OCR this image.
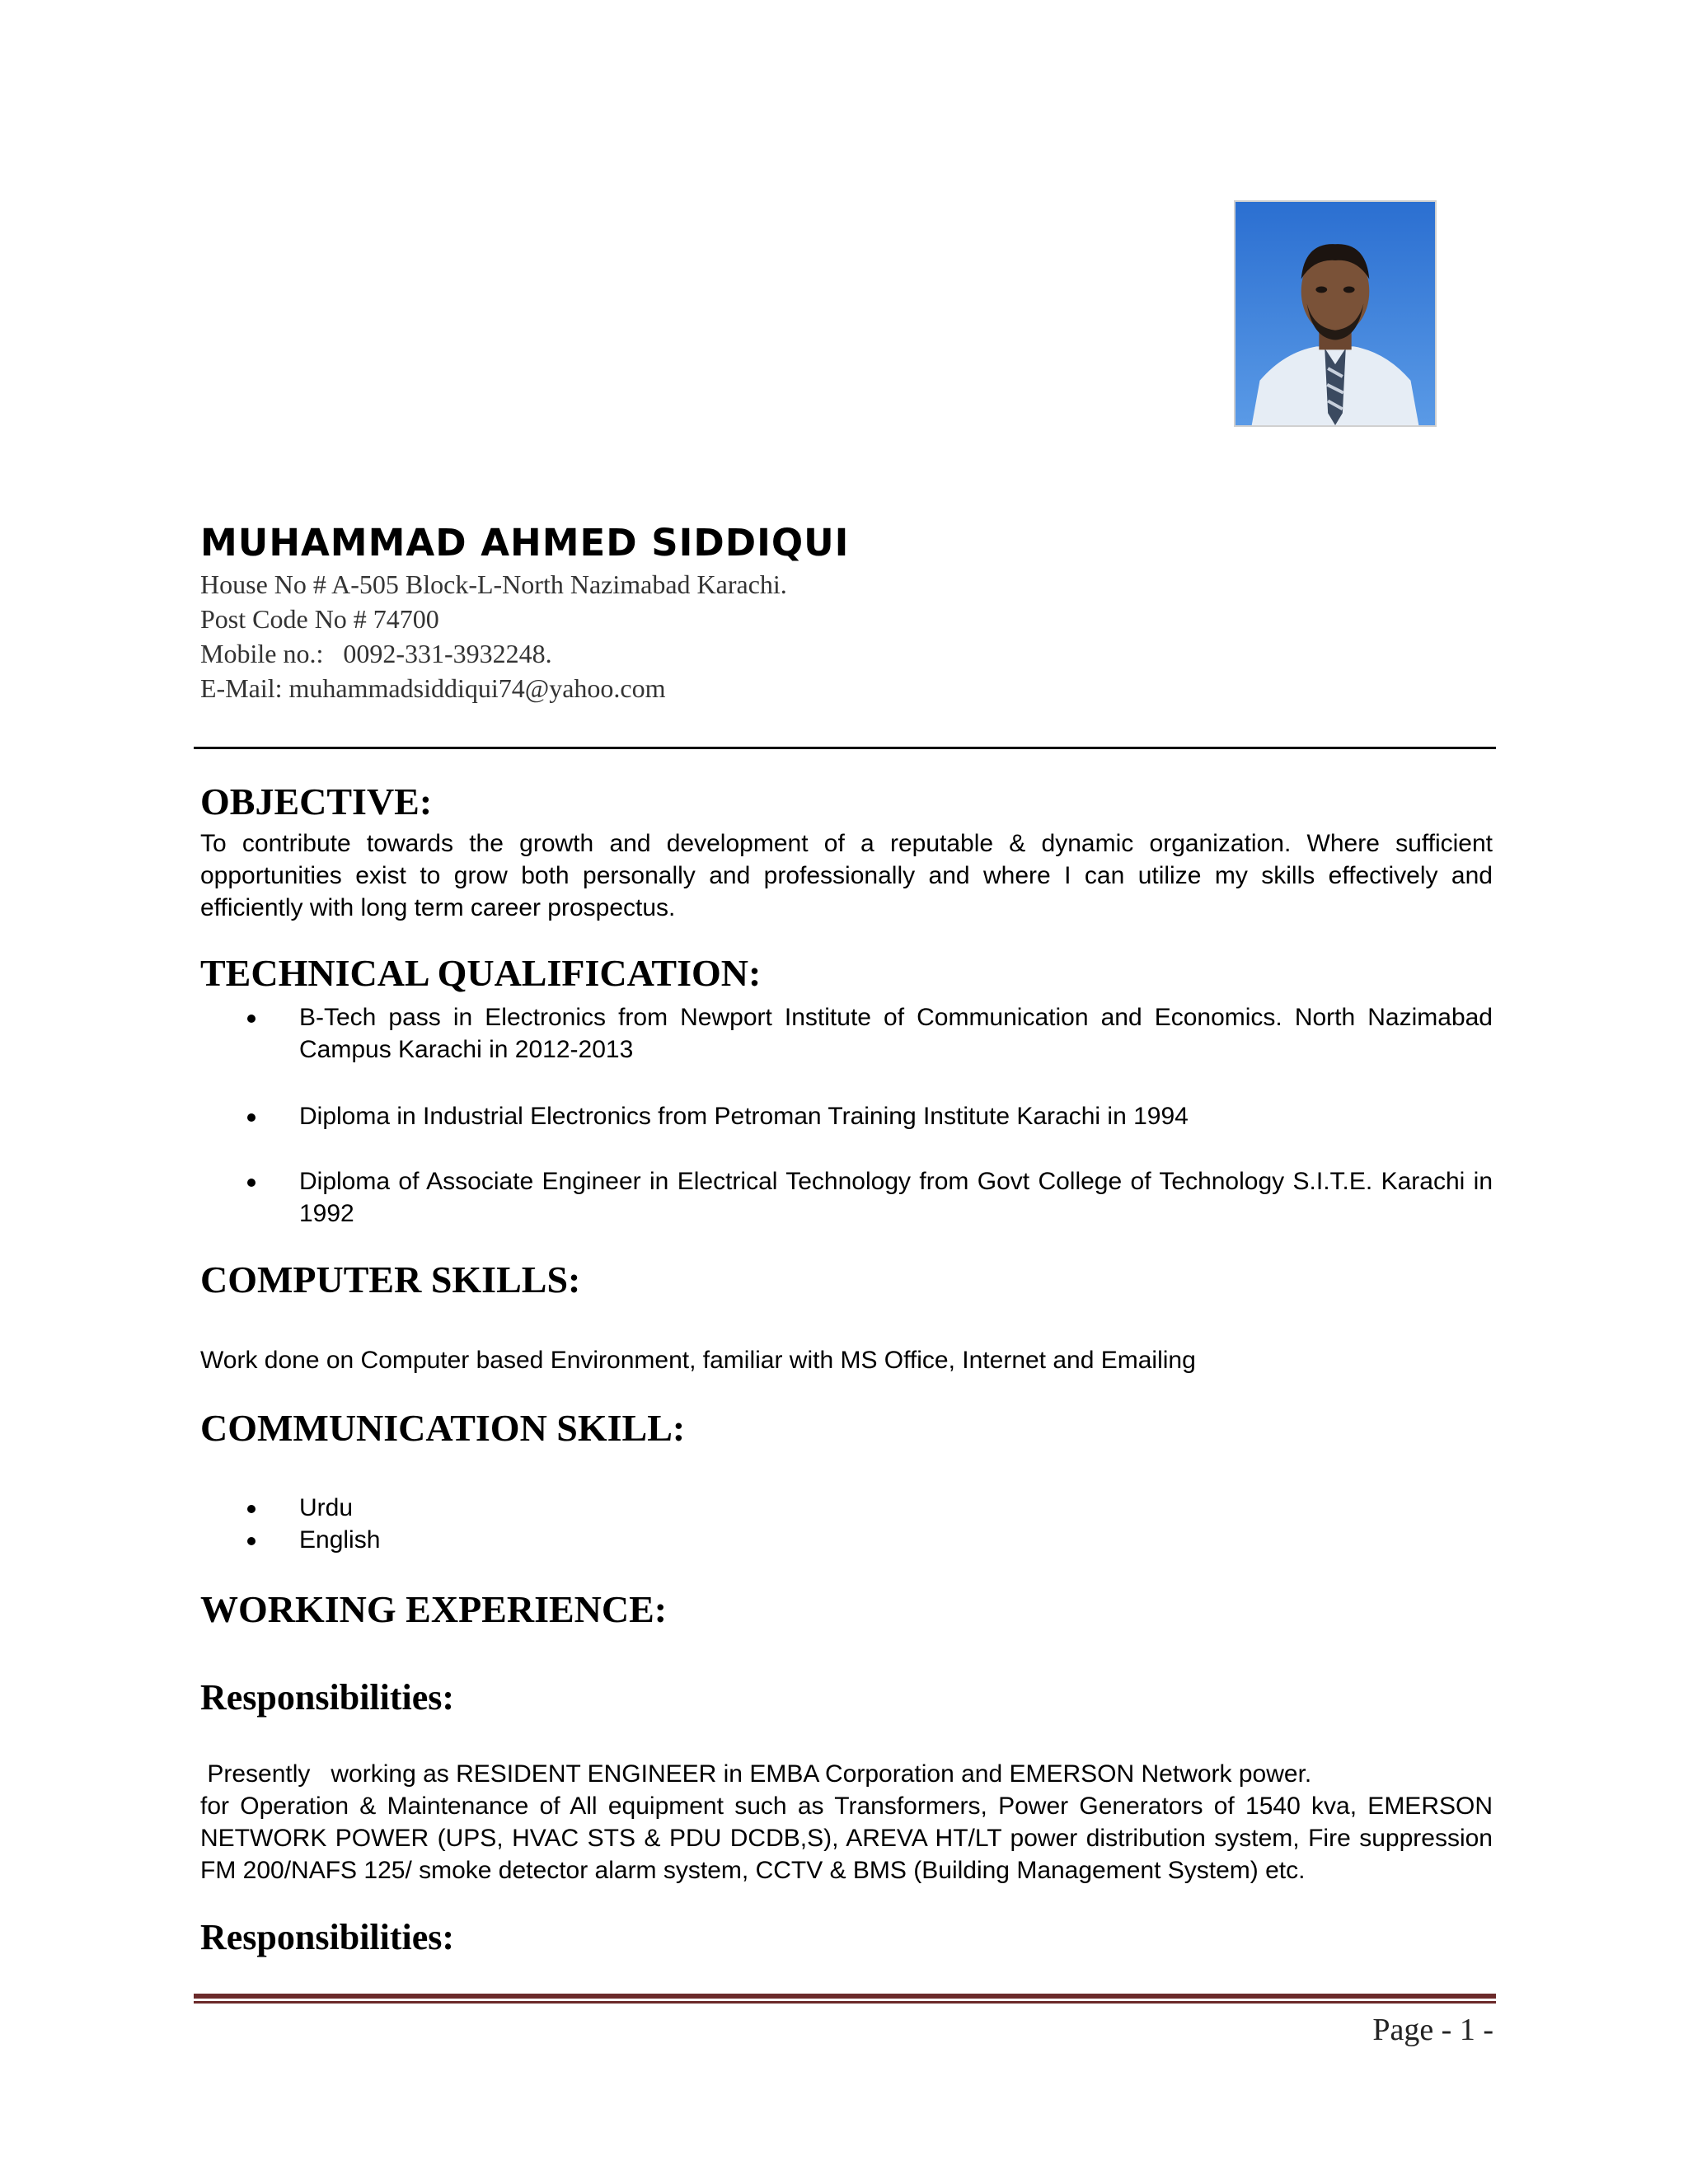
MUHAMMAD AHMED SIDDIQUI
House No # A-505 Block-L-North Nazimabad Karachi.
Post Code No # 74700
Mobile no.:   0092-331-3932248.
E-Mail: muhammadsiddiqui74@yahoo.com
OBJECTIVE:

To contribute towards the growth and development of a reputable & dynamic organization. Where sufficient opportunities exist to grow both personally and professionally and where I can utilize my skills effectively and efficiently with long term career prospectus.

TECHNICAL QUALIFICATION:
B-Tech pass in Electronics from Newport Institute of Communication and Economics. North Nazimabad Campus Karachi in 2012-2013
Diploma in Industrial Electronics from Petroman Training Institute Karachi in 1994
Diploma of Associate Engineer in Electrical Technology from Govt College of Technology S.I.T.E. Karachi in 1992
COMPUTER SKILLS:

Work done on Computer based Environment, familiar with MS Office, Internet and Emailing

COMMUNICATION SKILL:
Urdu
English
WORKING EXPERIENCE:
Responsibilities:

Presently   working as RESIDENT ENGINEER in EMBA Corporation and EMERSON Network power.

for Operation & Maintenance of All equipment such as Transformers, Power Generators of 1540 kva, EMERSON NETWORK POWER (UPS, HVAC STS & PDU DCDB,S), AREVA HT/LT power distribution system, Fire suppression FM 200/NAFS 125/ smoke detector alarm system, CCTV & BMS (Building Management System) etc.

Responsibilities:
Page - 1 -
